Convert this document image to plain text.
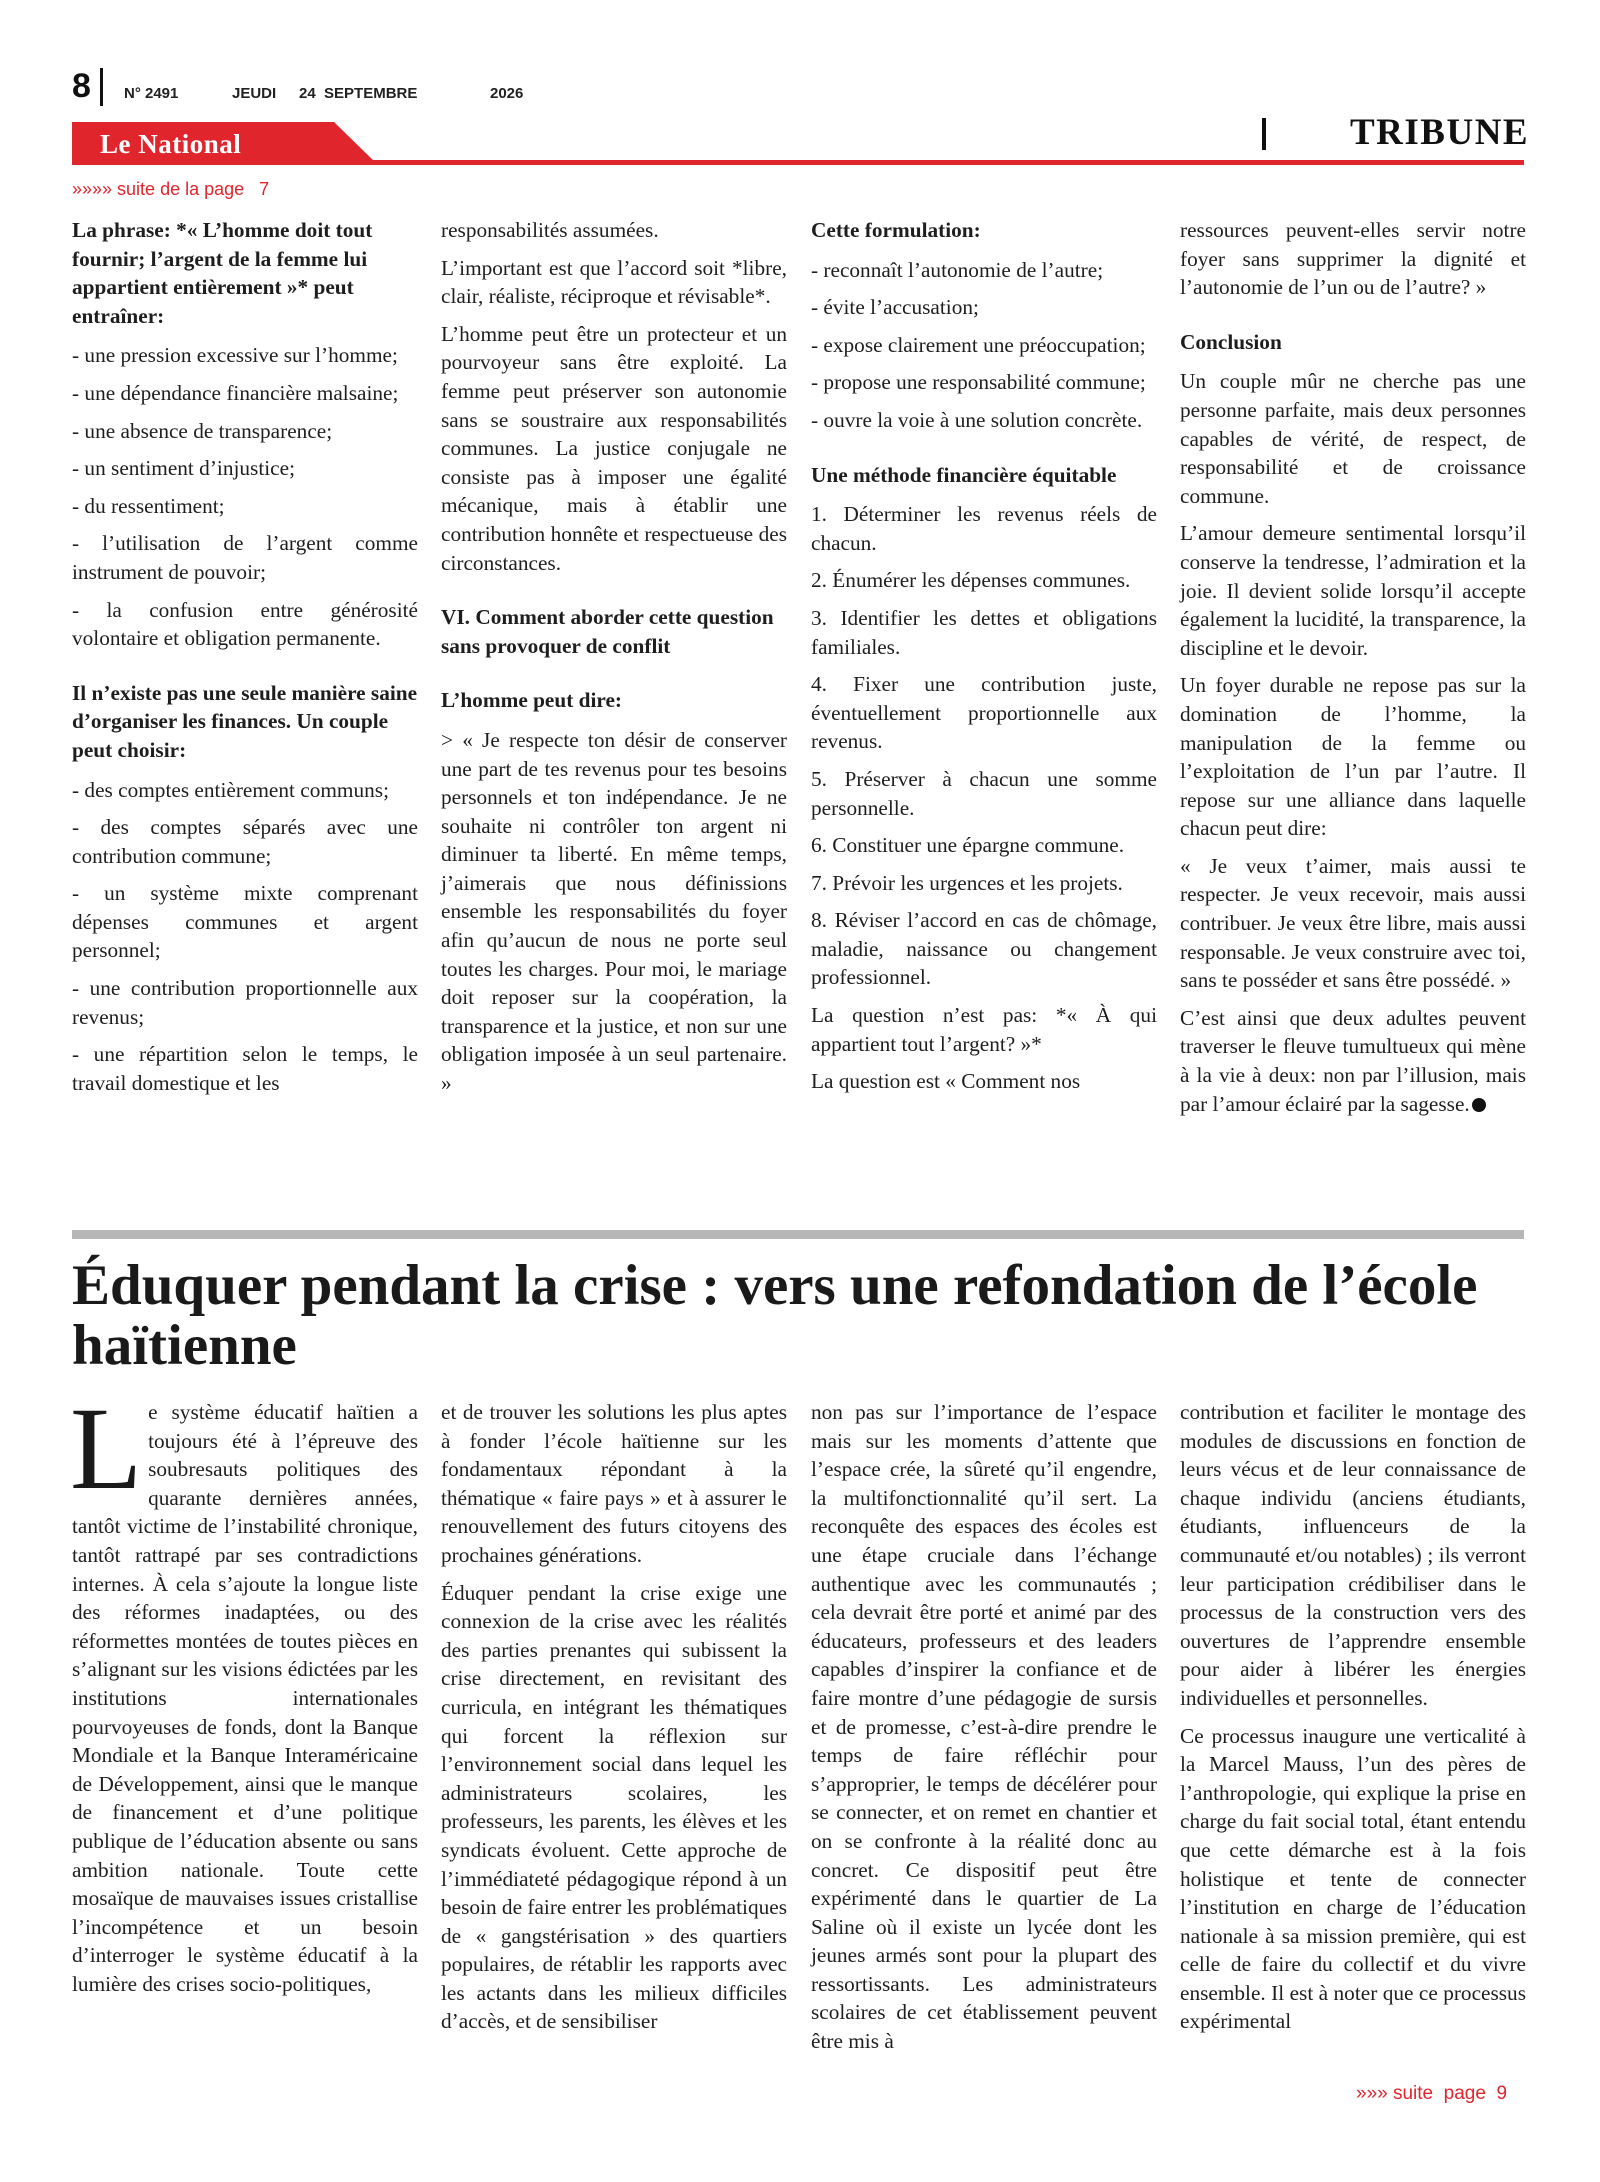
8 N° 2491	JEUDI 24  SEPTEMBRE	2026
Le National	TRIBUNE
»»»» suite de la page   7

La phrase: *« L’homme doit tout fournir; l’argent de la femme lui appartient entièrement »* peut entraîner:

- une pression excessive sur l’homme;

- une dépendance financière malsaine;

- une absence de transparence;

- un sentiment d’injustice;

- du ressentiment;

- l’utilisation de l’argent comme instrument de pouvoir;

- la confusion entre générosité volontaire et obligation permanente.

Il n’existe pas une seule manière saine d’organiser les finances. Un couple peut choisir:

- des comptes entièrement communs;

- des comptes séparés avec une contribution commune;

- un système mixte comprenant dépenses communes et argent personnel;

- une contribution proportionnelle aux revenus;

- une répartition selon le temps, le travail domestique et les

responsabilités assumées.

L’important est que l’accord soit *libre, clair, réaliste, réciproque et révisable*.

L’homme peut être un protecteur et un pourvoyeur sans être exploité. La femme peut préserver son autonomie sans se soustraire aux responsabilités communes. La justice conjugale ne consiste pas à imposer une égalité mécanique, mais à établir une contribution honnête et respectueuse des circonstances.

VI. Comment aborder cette question sans provoquer de conflit

L’homme peut dire:

> « Je respecte ton désir de conserver une part de tes revenus pour tes besoins personnels et ton indépendance. Je ne souhaite ni contrôler ton argent ni diminuer ta liberté. En même temps, j’aimerais que nous définissions ensemble les responsabilités du foyer afin qu’aucun de nous ne porte seul toutes les charges. Pour moi, le mariage doit reposer sur la coopération, la transparence et la justice, et non sur une obligation imposée à un seul partenaire. »

Cette formulation:

- reconnaît l’autonomie de l’autre;

- évite l’accusation;

- expose clairement une préoccupation;

- propose une responsabilité commune;

- ouvre la voie à une solution concrète.

Une méthode financière équitable

1. Déterminer les revenus réels de chacun.

2. Énumérer les dépenses communes.

3. Identifier les dettes et obligations familiales.

4. Fixer une contribution juste, éventuellement proportionnelle aux revenus.

5. Préserver à chacun une somme personnelle.

6. Constituer une épargne commune.

7. Prévoir les urgences et les projets.

8. Réviser l’accord en cas de chômage, maladie, naissance ou changement professionnel.

La question n’est pas: *« À qui appartient tout l’argent? »*

La question est « Comment nos

ressources peuvent-elles servir notre foyer sans supprimer la dignité et l’autonomie de l’un ou de l’autre? »

Conclusion

Un couple mûr ne cherche pas une personne parfaite, mais deux personnes capables de vérité, de respect, de responsabilité et de croissance commune.

L’amour demeure sentimental lorsqu’il conserve la tendresse, l’admiration et la joie. Il devient solide lorsqu’il accepte également la lucidité, la transparence, la discipline et le devoir.

Un foyer durable ne repose pas sur la domination de l’homme, la manipulation de la femme ou l’exploitation de l’un par l’autre. Il repose sur une alliance dans laquelle chacun peut dire:

« Je veux t’aimer, mais aussi te respecter. Je veux recevoir, mais aussi contribuer. Je veux être libre, mais aussi responsable. Je veux construire avec toi, sans te posséder et sans être possédé. »

C’est ainsi que deux adultes peuvent traverser le fleuve tumultueux qui mène à la vie à deux: non par l’illusion, mais par l’amour éclairé par la sagesse.

Éduquer pendant la crise : vers une refondation de l’école haïtienne

Le système éducatif haïtien a toujours été à l’épreuve des soubresauts politiques des quarante dernières années, tantôt victime de l’instabilité chronique, tantôt rattrapé par ses contradictions internes. À cela s’ajoute la longue liste des réformes inadaptées, ou des réformettes montées de toutes pièces en s’alignant sur les visions édictées par les institutions internationales pourvoyeuses de fonds, dont la Banque Mondiale et la Banque Interaméricaine de Développement, ainsi que le manque de financement et d’une politique publique de l’éducation absente ou sans ambition nationale. Toute cette mosaïque de mauvaises issues cristallise l’incompétence et un besoin d’interroger le système éducatif à la lumière des crises socio-politiques,

et de trouver les solutions les plus aptes à fonder l’école haïtienne sur les fondamentaux répondant à la thématique « faire pays » et à assurer le renouvellement des futurs citoyens des prochaines générations.

Éduquer pendant la crise exige une connexion de la crise avec les réalités des parties prenantes qui subissent la crise directement, en revisitant des curricula, en intégrant les thématiques qui forcent la réflexion sur l’environnement social dans lequel les administrateurs scolaires, les professeurs, les parents, les élèves et les syndicats évoluent. Cette approche de l’immédiateté pédagogique répond à un besoin de faire entrer les problématiques de « gangstérisation » des quartiers populaires, de rétablir les rapports avec les actants dans les milieux difficiles d’accès, et de sensibiliser

non pas sur l’importance de l’espace mais sur les moments d’attente que l’espace crée, la sûreté qu’il engendre, la multifonctionnalité qu’il sert. La reconquête des espaces des écoles est une étape cruciale dans l’échange authentique avec les communautés ; cela devrait être porté et animé par des éducateurs, professeurs et des leaders capables d’inspirer la confiance et de faire montre d’une pédagogie de sursis et de promesse, c’est-à-dire prendre le temps de faire réfléchir pour s’approprier, le temps de décélérer pour se connecter, et on remet en chantier et on se confronte à la réalité donc au concret. Ce dispositif peut être expérimenté dans le quartier de La Saline où il existe un lycée dont les jeunes armés sont pour la plupart des ressortissants. Les administrateurs scolaires de cet établissement peuvent être mis à

contribution et faciliter le montage des modules de discussions en fonction de leurs vécus et de leur connaissance de chaque individu (anciens étudiants, étudiants, influenceurs de la communauté et/ou notables) ; ils verront leur participation crédibiliser dans le processus de la construction vers des ouvertures de l’apprendre ensemble pour aider à libérer les énergies individuelles et personnelles.

Ce processus inaugure une verticalité à la Marcel Mauss, l’un des pères de l’anthropologie, qui explique la prise en charge du fait social total, étant entendu que cette démarche est à la fois holistique et tente de connecter l’institution en charge de l’éducation nationale à sa mission première, qui est celle de faire du collectif et du vivre ensemble. Il est à noter que ce processus expérimental

»»» suite  page  9
